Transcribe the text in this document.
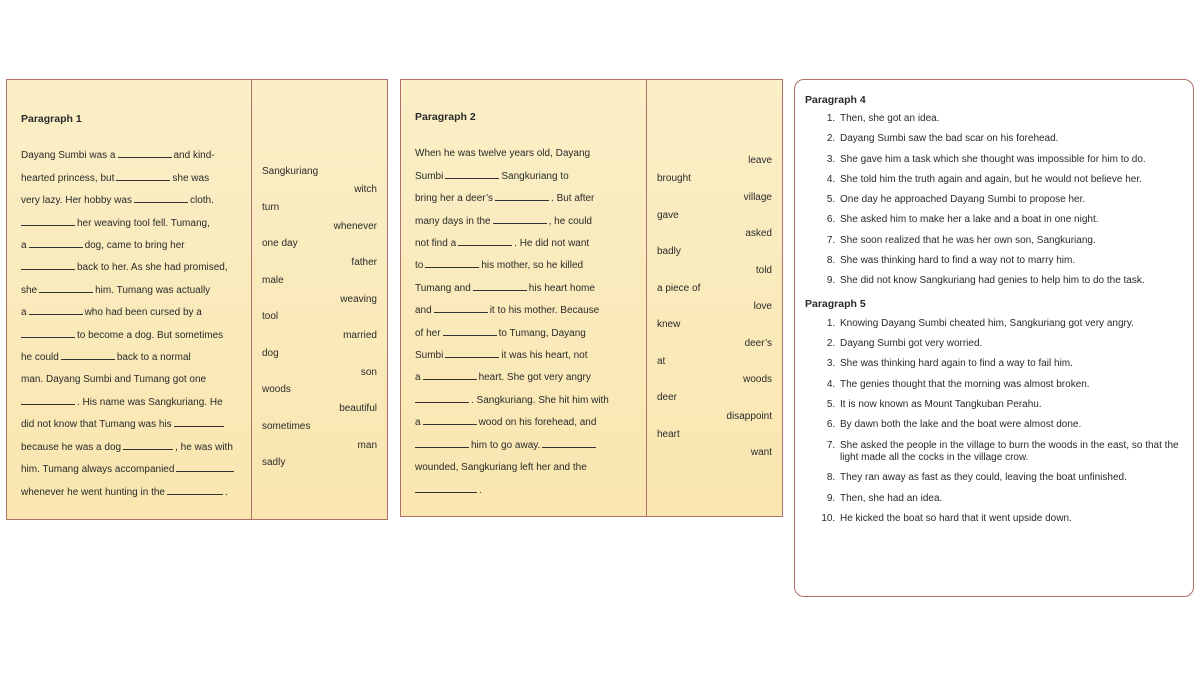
Paragraph 1
Dayang Sumbi was a	and kind-
hearted princess, but	she was
very lazy. Her hobby was	cloth.
her weaving tool fell. Tumang,
a	dog, came to bring her
back to her. As she had promised,
she	him. Tumang was actually
a	who had been cursed by a
to become a dog. But sometimes
he could	back to a normal
man. Dayang Sumbi and Tumang got one
. His name was Sangkuriang. He
did not know that Tumang was his
because he was a dog	, he was with
him. Tumang always accompanied
whenever he went hunting in the	.
Sangkuriang
turn
one day
male
tool
dog
woods
sometimes
sadly
witch
whenever
father
weaving
married
son
beautiful
man
Paragraph 2
When he was twelve years old, Dayang
Sumbi	Sangkuriang to
bring her a deer’s	. But after
many days in the	, he could
not find a	. He did not want
to	his mother, so he killed
Tumang and	his heart home
and	it to his mother. Because
of her	to Tumang, Dayang
Sumbi	it was his heart, not
a	heart. She got very angry
. Sangkuriang. She hit him with
a	wood on his forehead, and
him to go away.
wounded, Sangkuriang left her and the
.
brought
gave
badly
a piece of
knew
at
deer
heart
leave
village
asked
told
love
deer’s
woods
disappoint
want
Paragraph 4
1. Then, she got an idea.
2. Dayang Sumbi saw the bad scar on his forehead.
3. She gave him a task which she thought was impossible for him to do.
4. She told him the truth again and again, but he would not believe her.
5. One day he approached Dayang Sumbi to propose her.
6. She asked him to make her a lake and a boat in one night.
7. She soon realized that he was her own son, Sangkuriang.
8. She was thinking hard to find a way not to marry him.
9. She did not know Sangkuriang had genies to help him to do the task.
Paragraph 5
1. Knowing Dayang Sumbi cheated him, Sangkuriang got very angry.
2. Dayang Sumbi got very worried.
3. She was thinking hard again to find a way to fail him.
4. The genies thought that the morning was almost broken.
5. It is now known as Mount Tangkuban Perahu.
6. By dawn both the lake and the boat were almost done.
7. She asked the people in the village to burn the woods in the east, so that the light made all the cocks in the village crow.
8. They ran away as fast as they could, leaving the boat unfinished.
9. Then, she had an idea.
10. He kicked the boat so hard that it went upside down.
